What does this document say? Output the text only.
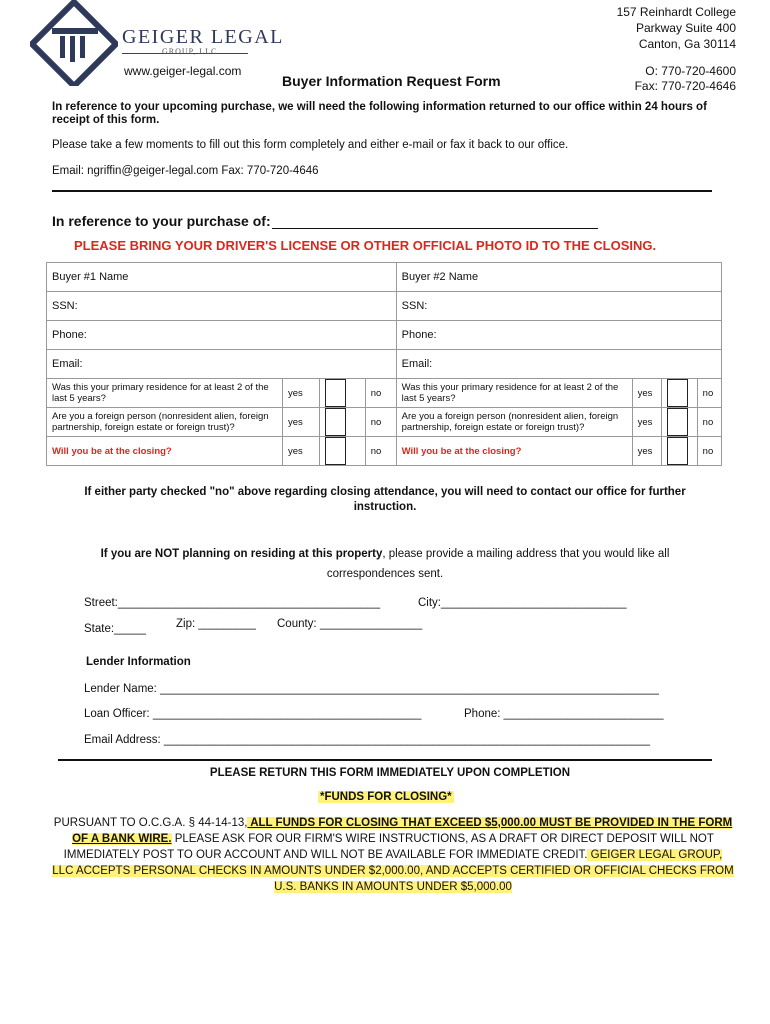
GEIGER LEGAL
GROUP, LLC
www.geiger-legal.com
157 Reinhardt College
Parkway Suite 400
Canton, Ga 30114
O: 770-720-4600
Fax: 770-720-4646
Buyer Information Request Form
In reference to your upcoming purchase, we will need the following information returned to our office within 24 hours of receipt of this form.
Please take a few moments to fill out this form completely and either e-mail or fax it back to our office.
Email: ngriffin@geiger-legal.com Fax: 770-720-4646
In reference to your purchase of:
PLEASE BRING YOUR DRIVER'S LICENSE OR OTHER OFFICIAL PHOTO ID TO THE CLOSING.
Buyer #1 Name				Buyer #2 Name			
SSN:				SSN:			
Phone:				Phone:			
Email:				Email:			
Was this your primary residence for at least 2 of the last 5 years?	yes		no	Was this your primary residence for at least 2 of the last 5 years?	yes		no
Are you a foreign person (nonresident alien, foreign partnership, foreign estate or foreign trust)?	yes		no	Are you a foreign person (nonresident alien, foreign partnership, foreign estate or foreign trust)?	yes		no
Will you be at the closing?	yes		no	Will you be at the closing?	yes		no
If either party checked "no" above regarding closing attendance, you will need to contact our office for further instruction.
If you are NOT planning on residing at this property, please provide a mailing address that you would like all correspondences sent.
Street:_________________________________________	City:_____________________________
State:_____	Zip: _________ County: ________________
Lender Information
Lender Name: ______________________________________________________________________________
Loan Officer: __________________________________________	Phone: _________________________
Email Address: ____________________________________________________________________________
PLEASE RETURN THIS FORM IMMEDIATELY UPON COMPLETION
*FUNDS FOR CLOSING*
PURSUANT TO O.C.G.A. § 44-14-13, ALL FUNDS FOR CLOSING THAT EXCEED $5,000.00 MUST BE PROVIDED IN THE FORM OF A BANK WIRE. PLEASE ASK FOR OUR FIRM'S WIRE INSTRUCTIONS, AS A DRAFT OR DIRECT DEPOSIT WILL NOT IMMEDIATELY POST TO OUR ACCOUNT AND WILL NOT BE AVAILABLE FOR IMMEDIATE CREDIT. GEIGER LEGAL GROUP, LLC ACCEPTS PERSONAL CHECKS IN AMOUNTS UNDER $2,000.00, AND ACCEPTS CERTIFIED OR OFFICIAL CHECKS FROM U.S. BANKS IN AMOUNTS UNDER $5,000.00
